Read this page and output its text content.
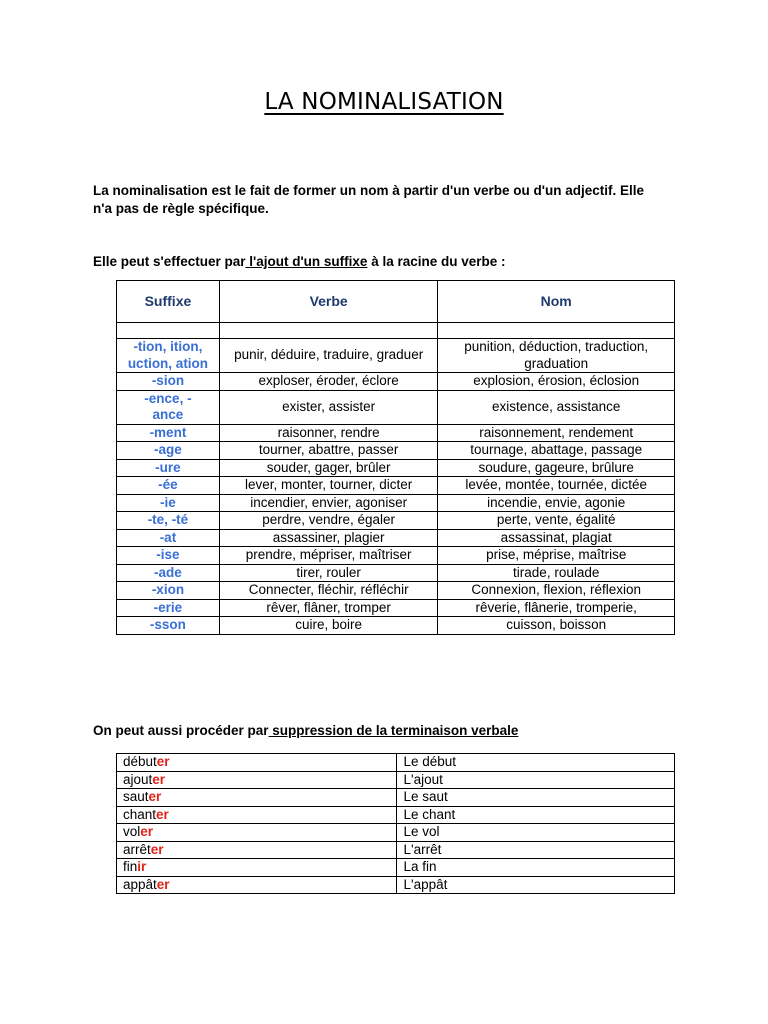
LA NOMINALISATION
La nominalisation est le fait de former un nom à partir d'un verbe ou d'un adjectif. Elle
n'a pas de règle spécifique.
Elle peut s'effectuer par l'ajout d'un suffixe à la racine du verbe :
Suffixe	Verbe	Nom

-tion, ition, uction, ation	punir, déduire, traduire, graduer	punition, déduction, traduction, graduation
-sion	exploser, éroder, éclore	explosion, érosion, éclosion
-ence, -ance	exister, assister	existence, assistance
-ment	raisonner, rendre	raisonnement, rendement
-age	tourner, abattre, passer	tournage, abattage, passage
-ure	souder, gager, brûler	soudure, gageure, brûlure
-ée	lever, monter, tourner, dicter	levée, montée, tournée, dictée
-ie	incendier, envier, agoniser	incendie, envie, agonie
-te, -té	perdre, vendre, égaler	perte, vente, égalité
-at	assassiner, plagier	assassinat, plagiat
-ise	prendre, mépriser, maîtriser	prise, méprise, maîtrise
-ade	tirer, rouler	tirade, roulade
-xion	Connecter, fléchir, réfléchir	Connexion, flexion, réflexion
-erie	rêver, flâner, tromper	rêverie, flânerie, tromperie,
-sson	cuire, boire	cuisson, boisson
On peut aussi procéder par suppression de la terminaison verbale
débuter	Le début
ajouter	L'ajout
sauter	Le saut
chanter	Le chant
voler	Le vol
arrêter	L'arrêt
finir	La fin
appâter	L'appât
